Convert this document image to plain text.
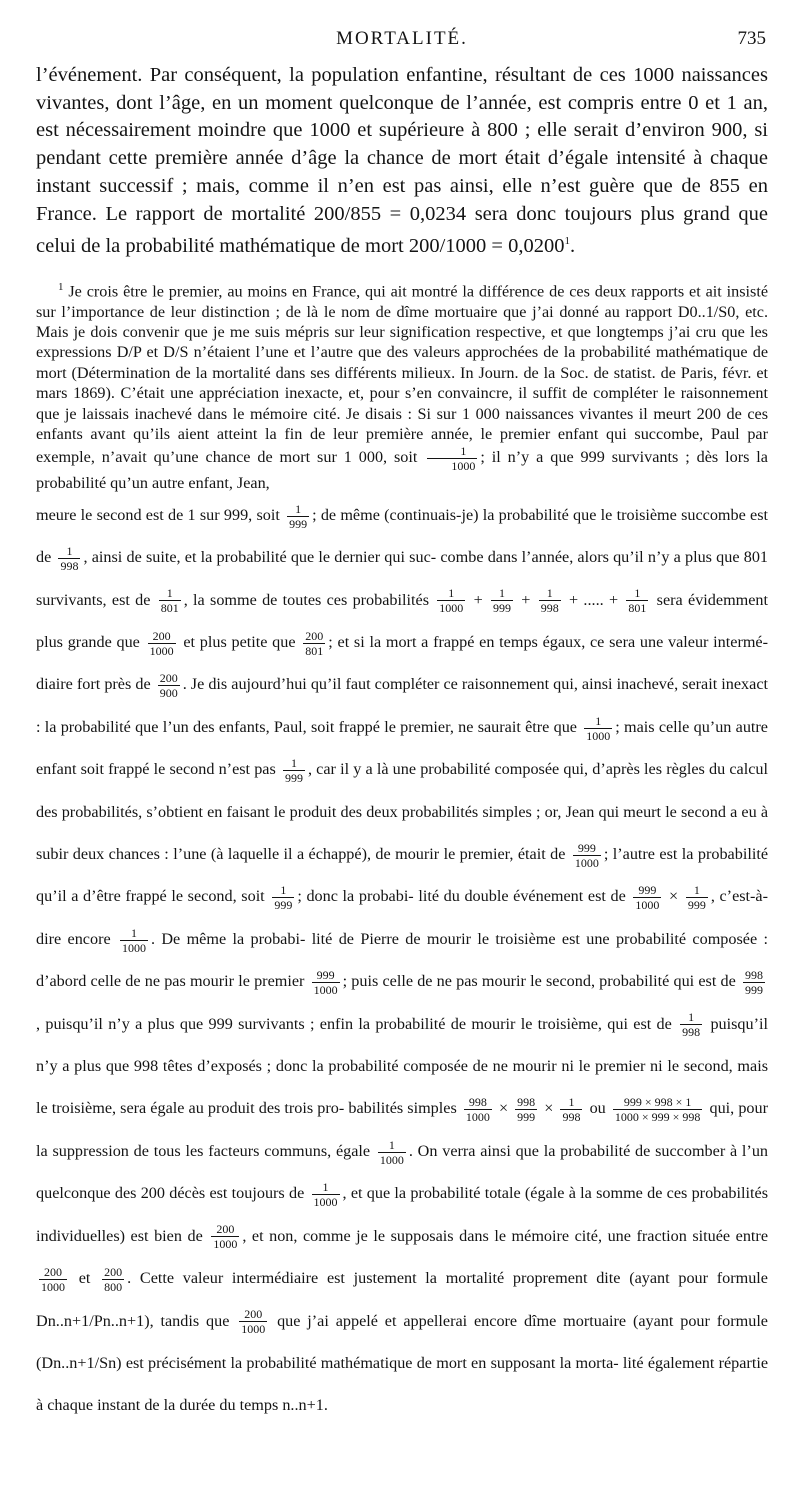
MORTALITÉ.	735

l’événement. Par conséquent, la population enfantine, résultant de ces 1000 naissances vivantes, dont l’âge, en un moment quelconque de l’année, est compris entre 0 et 1 an, est nécessairement moindre que 1000 et supérieure à 800 ; elle serait d’environ 900, si pendant cette première année d’âge la chance de mort était d’égale intensité à chaque instant successif ; mais, comme il n’en est pas ainsi, elle n’est guère que de 855 en France. Le rapport de mortalité 200/855 = 0,0234 sera donc toujours plus grand que celui de la probabilité mathématique de mort $200/1000 = 0,0200^1$.

$^1$ Je crois être le premier, au moins en France, qui ait montré la différence de ces deux rapports et ait insisté sur l’importance de leur distinction ; de là le nom de dîme mortuaire que j’ai donné au rapport D0..1/S0, etc. Mais je dois convenir que je me suis mépris sur leur signification respective, et que longtemps j’ai cru que les expressions D/P et D/S n’étaient l’une et l’autre que des valeurs approchées de la probabilité mathématique de mort (Détermination de la mortalité dans ses différents milieux. In Journ. de la Soc. de statist. de Paris, févr. et mars 1869). C’était une appréciation inexacte, et, pour s’en convaincre, il suffit de compléter le raisonnement que je laissais inachevé dans le mémoire cité. Je disais : Si sur 1 000 naissances vivantes il meurt 200 de ces enfants avant qu’ils aient atteint la fin de leur première année, le premier enfant qui succombe, Paul par exemple, n’avait qu’une chance de mort sur 1 000, soit $\frac{1}{1000}$ ; il n’y a que 999 survivants ; dès lors la probabilité qu’un autre enfant, Jean,

meure le second est de 1 sur 999, soit $\frac{1}{999}$ ; de même (continuais-je) la probabilité que le troisième succombe est de $\frac{1}{998}$ , ainsi de suite, et la probabilité que le dernier qui suc- combe dans l’année, alors qu’il n’y a plus que 801 survivants, est de $\frac{1}{801}$ , la somme de toutes ces probabilités $\frac{1}{1000} + \frac{1}{999} + \frac{1}{998}$ + ..... + $\frac{1}{801}$ sera évidemment plus grande que $\frac{200}{1000}$ et plus petite que $\frac{200}{801}$ ; et si la mort a frappé en temps égaux, ce sera une valeur intermé- diaire fort près de $\frac{200}{900}$ . Je dis aujourd’hui qu’il faut compléter ce raisonnement qui, ainsi inachevé, serait inexact : la probabilité que l’un des enfants, Paul, soit frappé le premier, ne saurait être que $\frac{1}{1000}$ ; mais celle qu’un autre enfant soit frappé le second n’est pas $\frac{1}{999}$ , car il y a là une probabilité composée qui, d’après les règles du calcul des probabilités, s’obtient en faisant le produit des deux probabilités simples ; or, Jean qui meurt le second a eu à subir deux chances : l’une (à laquelle il a échappé), de mourir le premier, était de $\frac{999}{1000}$ ; l’autre est la probabilité qu’il a d’être frappé le second, soit $\frac{1}{999}$ ; donc la probabi- lité du double événement est de $\frac{999}{1000} \times \frac{1}{999}$ , c’est-à-dire encore $\frac{1}{1000}$ . De même la probabi- lité de Pierre de mourir le troisième est une probabilité composée : d’abord celle de ne pas mourir le premier $\frac{999}{1000}$ ; puis celle de ne pas mourir le second, probabilité qui est de $\frac{998}{999}$
, puisqu’il n’y a plus que 999 survivants ; enfin la probabilité de mourir le troisième, qui est de $\frac{1}{998}$ puisqu’il n’y a plus que 998 têtes d’exposés ; donc la probabilité composée de ne mourir ni le premier ni le second, mais le troisième, sera égale au produit des trois pro- babilités simples $\frac{998}{1000} \times \frac{998}{999} \times \frac{1}{998}$ ou $\frac{999 \times 998 \times 1}{1000 \times 999 \times 998}$ qui, pour la suppression de tous les facteurs communs, égale $\frac{1}{1000}$ . On verra ainsi que la probabilité de succomber à l’un quelconque des 200 décès est toujours de $\frac{1}{1000}$ , et que la probabilité totale (égale à la somme de ces probabilités individuelles) est bien de $\frac{200}{1000}$ , et non, comme je le supposais dans le mémoire cité, une fraction située entre
$\frac{200}{1000}$ et $\frac{200}{800}$ . Cette valeur intermédiaire est justement la mortalité proprement dite (ayant pour formule Dn..n+1/Pn..n+1), tandis que $\frac{200}{1000}$ que j’ai appelé et appellerai encore dîme mortuaire (ayant pour formule (Dn..n+1/Sn) est précisément la probabilité mathématique de mort en supposant la morta- lité également répartie à chaque instant de la durée du temps n..n+1.
